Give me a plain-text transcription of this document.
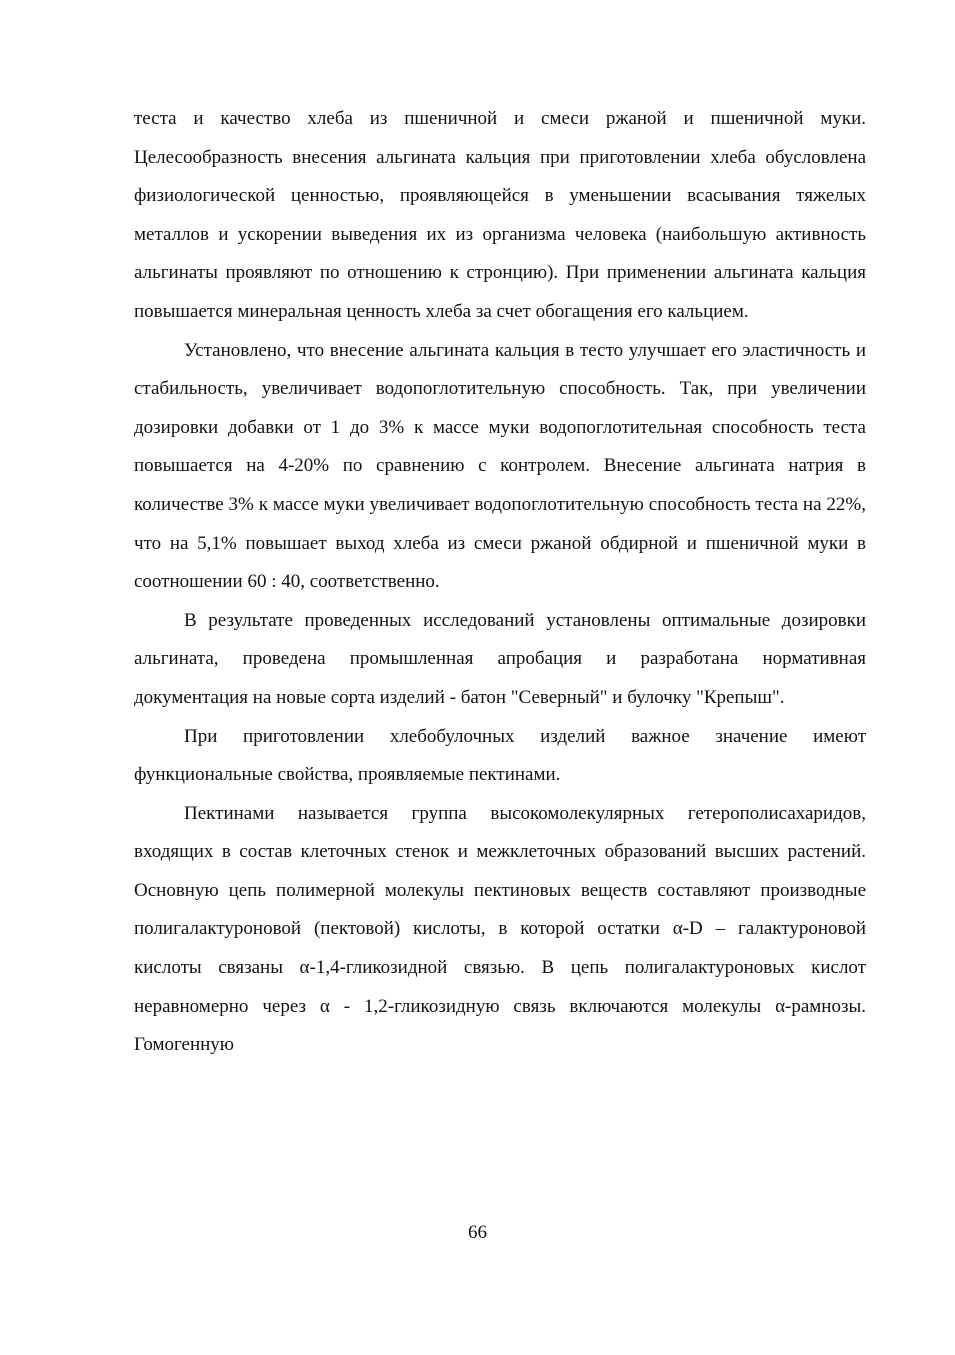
теста и качество хлеба из пшеничной и смеси ржаной и пшеничной муки. Целесообразность внесения альгината кальция при приготовлении хлеба обусловлена физиологической ценностью, проявляющейся в уменьшении всасывания тяжелых металлов и ускорении выведения их из организма человека (наибольшую активность альгинаты проявляют по отношению к стронцию). При применении альгината кальция повышается минеральная ценность хлеба за счет обогащения его кальцием.

Установлено, что внесение альгината кальция в тесто улучшает его эластичность и стабильность, увеличивает водопоглотительную способность. Так, при увеличении дозировки добавки от 1 до 3% к массе муки водопоглотительная способность теста повышается на 4-20% по сравнению с контролем. Внесение альгината натрия в количестве 3% к массе муки увеличивает водопоглотительную способность теста на 22%, что на 5,1% повышает выход хлеба из смеси ржаной обдирной и пшеничной муки в соотношении 60 : 40, соответственно.

В результате проведенных исследований установлены оптимальные дозировки альгината, проведена промышленная апробация и разработана нормативная документация на новые сорта изделий - батон "Северный" и булочку "Крепыш".

При приготовлении хлебобулочных изделий важное значение имеют функциональные свойства, проявляемые пектинами.

Пектинами называется группа высокомолекулярных гетерополисахаридов, входящих в состав клеточных стенок и межклеточных образований высших растений. Основную цепь полимерной молекулы пектиновых веществ составляют производные полигалактуроновой (пектовой) кислоты, в которой остатки α-D – галактуроновой кислоты связаны α-1,4-гликозидной связью. В цепь полигалактуроновых кислот неравномерно через α - 1,2-гликозидную связь включаются молекулы α-рамнозы. Гомогенную

66
